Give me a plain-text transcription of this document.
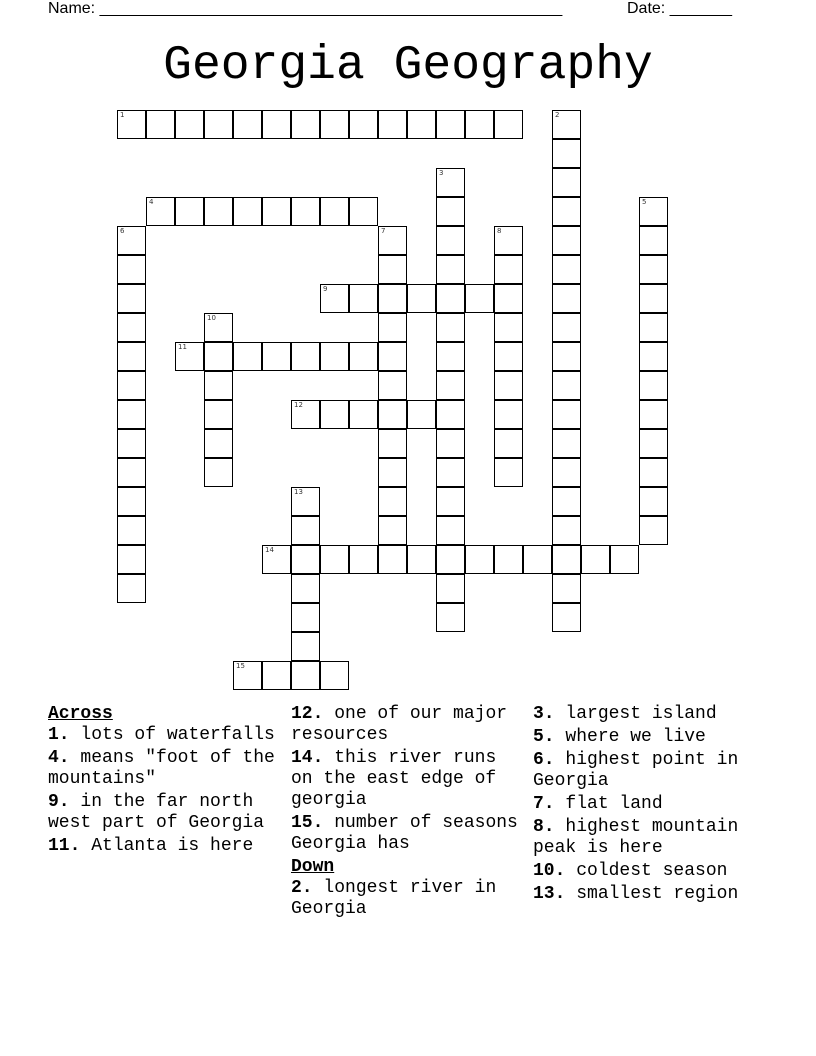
Name: ____________________________________________________	Date: _______
Georgia Geography
1	2
3
4	5
6	7	8
9
10
11
12
13
14
15
Across
1. lots of waterfalls
4. means "foot of the mountains"
9. in the far north west part of Georgia
11. Atlanta is here
12. one of our major resources
14. this river runs on the east edge of georgia
15. number of seasons Georgia has
Down
2. longest river in Georgia
3. largest island
5. where we live
6. highest point in Georgia
7. flat land
8. highest mountain peak is here
10. coldest season
13. smallest region
